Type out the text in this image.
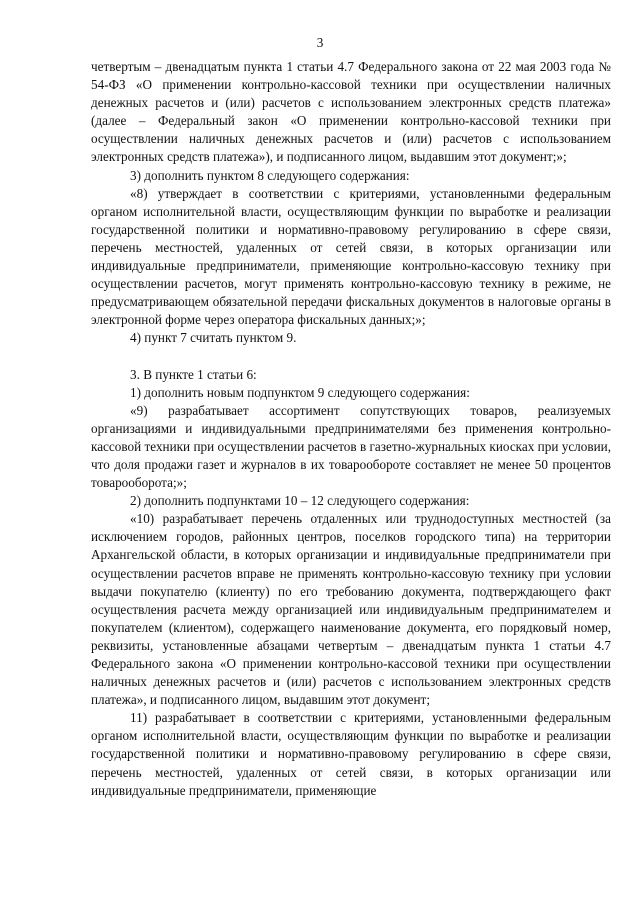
3

четвертым – двенадцатым пункта 1 статьи 4.7 Федерального закона от 22 мая 2003 года № 54-ФЗ «О применении контрольно-кассовой техники при осуществлении наличных денежных расчетов и (или) расчетов с использованием электронных средств платежа» (далее – Федеральный закон «О применении контрольно-кассовой техники при осуществлении наличных денежных расчетов и (или) расчетов с использованием электронных средств платежа»), и подписанного лицом, выдавшим этот документ;»;

3) дополнить пунктом 8 следующего содержания:

«8) утверждает в соответствии с критериями, установленными федеральным органом исполнительной власти, осуществляющим функции по выработке и реализации государственной политики и нормативно-правовому регулированию в сфере связи, перечень местностей, удаленных от сетей связи, в которых организации или индивидуальные предприниматели, применяющие контрольно-кассовую технику при осуществлении расчетов, могут применять контрольно-кассовую технику в режиме, не предусматривающем обязательной передачи фискальных документов в налоговые органы в электронной форме через оператора фискальных данных;»;

4) пункт 7 считать пунктом 9.

3. В пункте 1 статьи 6:

1) дополнить новым подпунктом 9 следующего содержания:

«9) разрабатывает ассортимент сопутствующих товаров, реализуемых организациями и индивидуальными предпринимателями без применения контрольно-кассовой техники при осуществлении расчетов в газетно-журнальных киосках при условии, что доля продажи газет и журналов в их товарообороте составляет не менее 50 процентов товарооборота;»;

2) дополнить подпунктами 10 – 12 следующего содержания:

«10) разрабатывает перечень отдаленных или труднодоступных местностей (за исключением городов, районных центров, поселков городского типа) на территории Архангельской области, в которых организации и индивидуальные предприниматели при осуществлении расчетов вправе не применять контрольно-кассовую технику при условии выдачи покупателю (клиенту) по его требованию документа, подтверждающего факт осуществления расчета между организацией или индивидуальным предпринимателем и покупателем (клиентом), содержащего наименование документа, его порядковый номер, реквизиты, установленные абзацами четвертым – двенадцатым пункта 1 статьи 4.7 Федерального закона «О применении контрольно-кассовой техники при осуществлении наличных денежных расчетов и (или) расчетов с использованием электронных средств платежа», и подписанного лицом, выдавшим этот документ;

11) разрабатывает в соответствии с критериями, установленными федеральным органом исполнительной власти, осуществляющим функции по выработке и реализации государственной политики и нормативно-правовому регулированию в сфере связи, перечень местностей, удаленных от сетей связи, в которых организации или индивидуальные предприниматели, применяющие
